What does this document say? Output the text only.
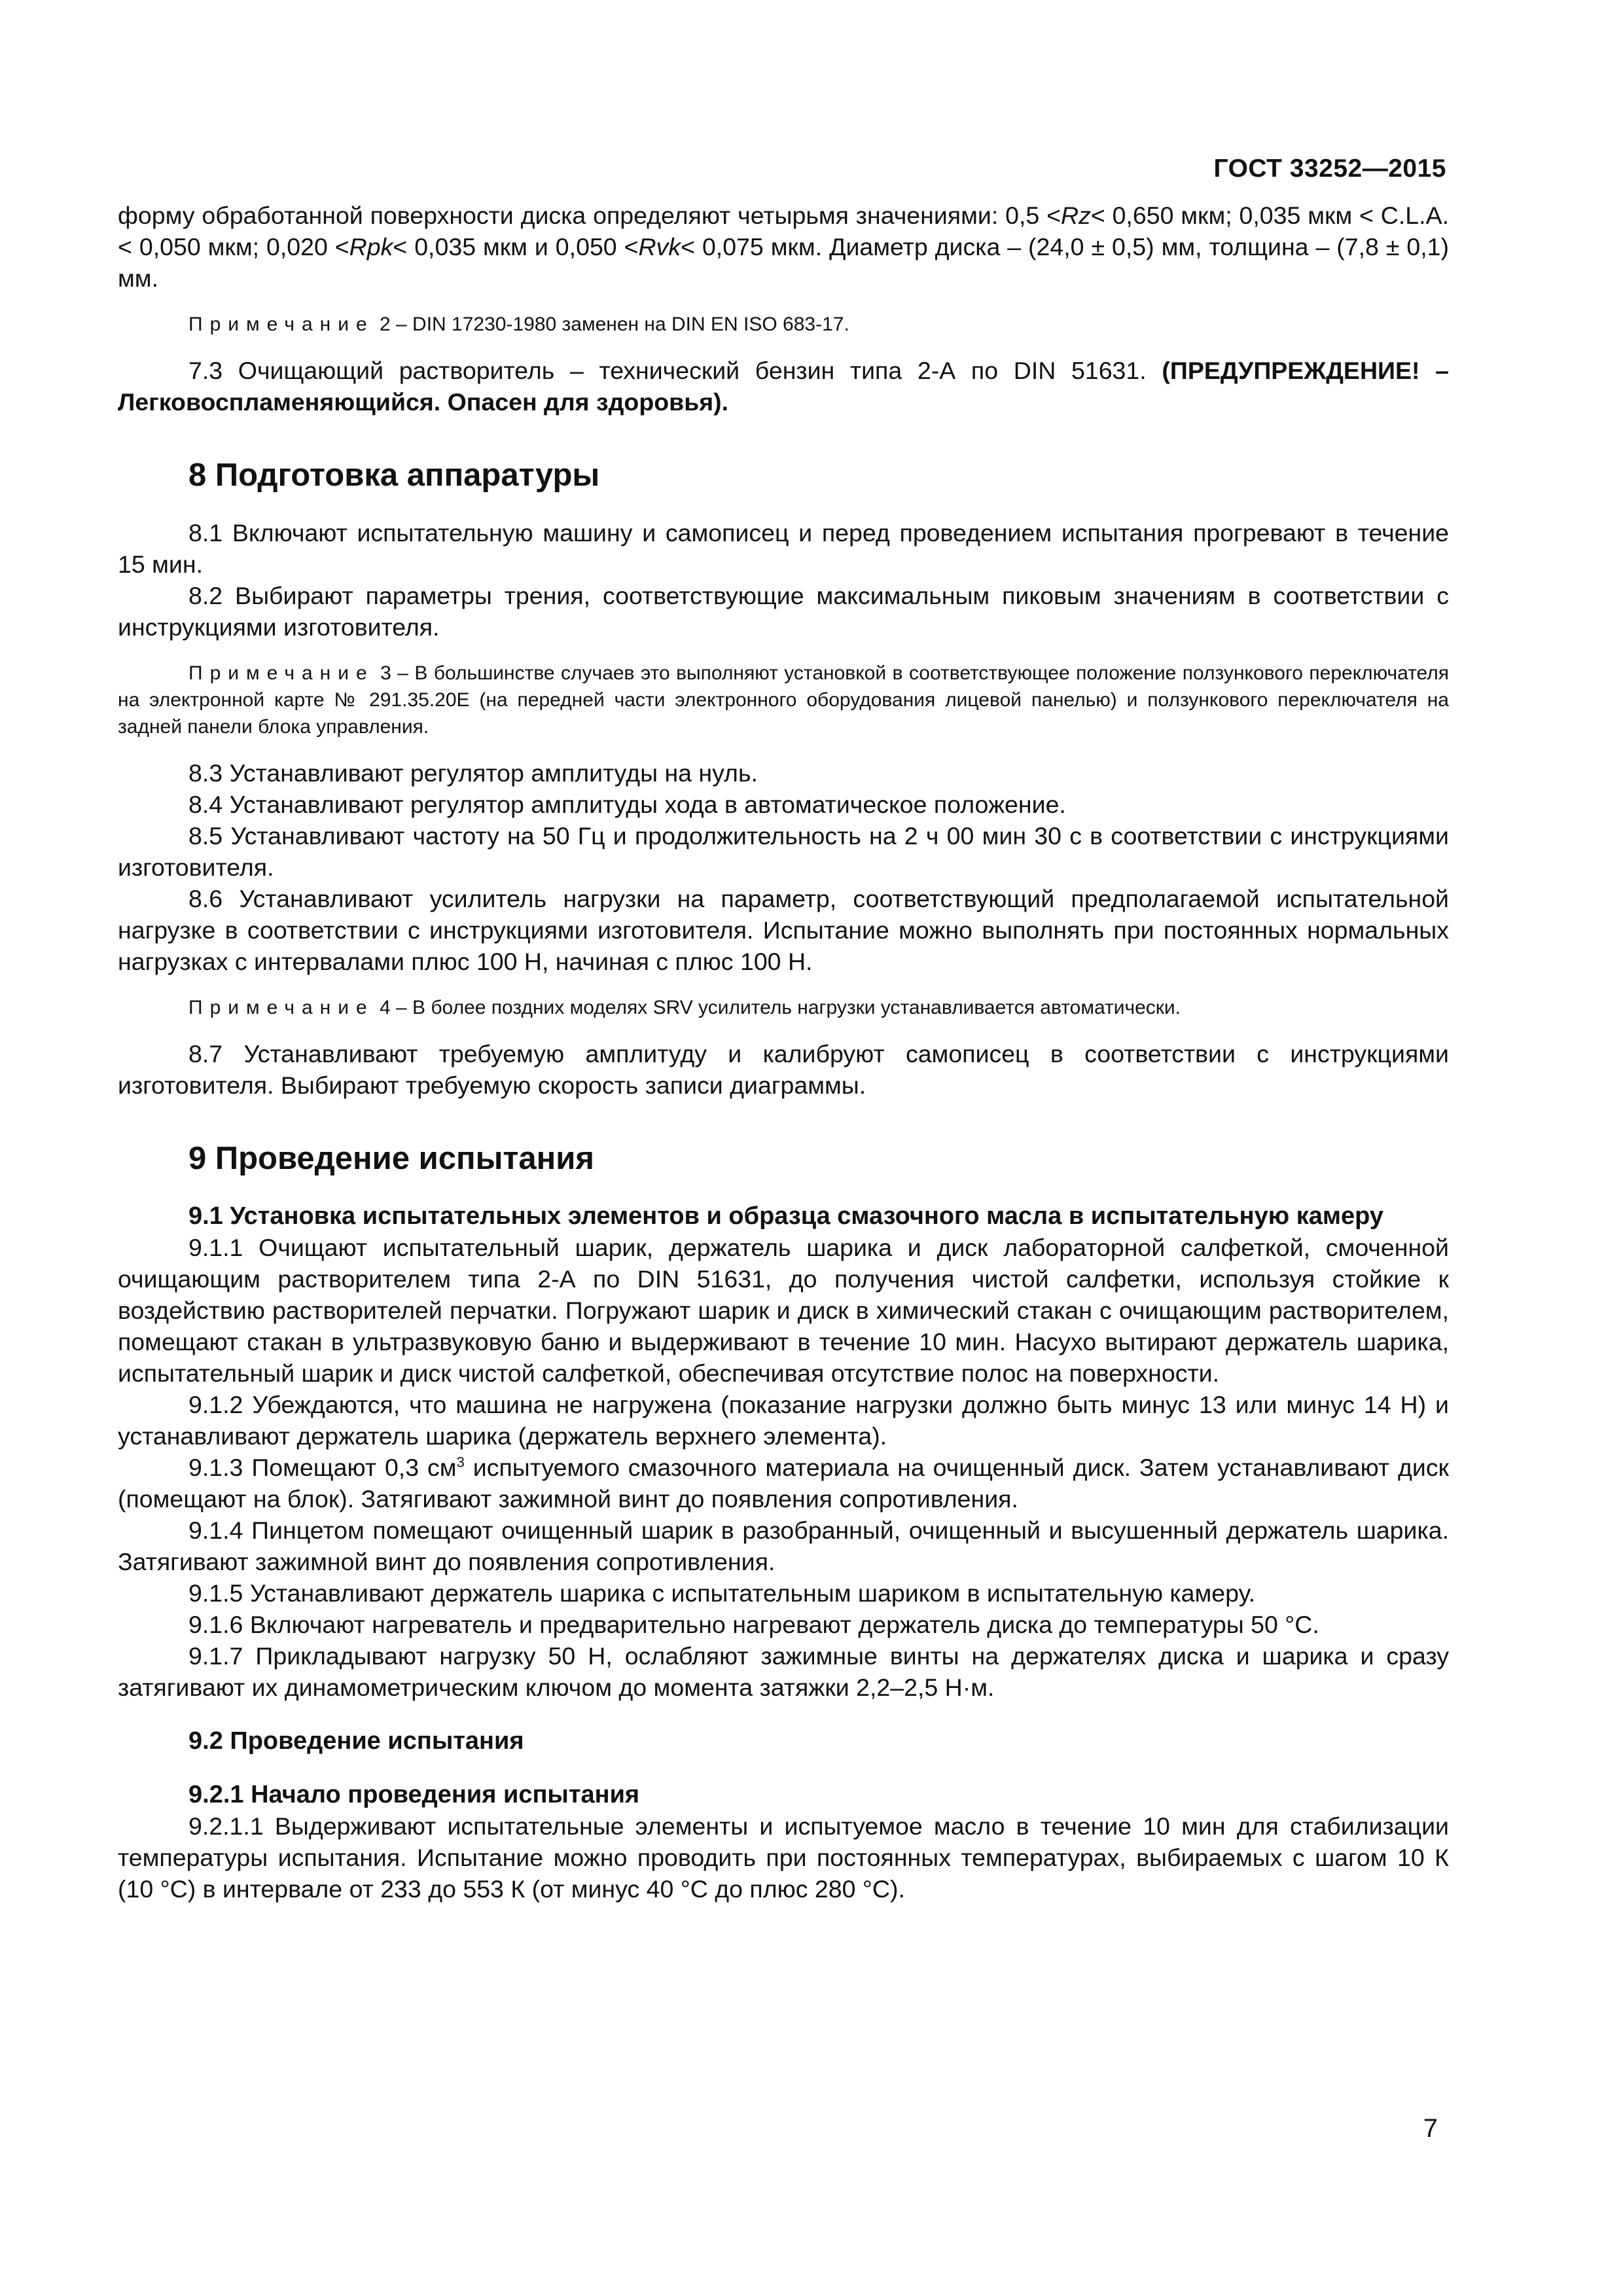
ГОСТ 33252—2015

форму обработанной поверхности диска определяют четырьмя значениями: 0,5 <Rz< 0,650 мкм; 0,035 мкм < C.L.A. < 0,050 мкм; 0,020 <Rpk< 0,035 мкм и 0,050 <Rvk< 0,075 мкм. Диаметр диска – (24,0 ± 0,5) мм, толщина – (7,8 ± 0,1) мм.

Примечание 2 – DIN 17230-1980 заменен на DIN EN ISO 683-17.

7.3 Очищающий растворитель – технический бензин типа 2-А по DIN 51631. (ПРЕДУПРЕЖДЕНИЕ! – Легковоспламеняющийся. Опасен для здоровья).

8 Подготовка аппаратуры

8.1 Включают испытательную машину и самописец и перед проведением испытания прогревают в течение 15 мин.

8.2 Выбирают параметры трения, соответствующие максимальным пиковым значениям в соответствии с инструкциями изготовителя.

Примечание 3 – В большинстве случаев это выполняют установкой в соответствующее положение ползункового переключателя на электронной карте № 291.35.20E (на передней части электронного оборудования лицевой панелью) и ползункового переключателя на задней панели блока управления.

8.3 Устанавливают регулятор амплитуды на нуль.

8.4 Устанавливают регулятор амплитуды хода в автоматическое положение.

8.5 Устанавливают частоту на 50 Гц и продолжительность на 2 ч 00 мин 30 с в соответствии с инструкциями изготовителя.

8.6 Устанавливают усилитель нагрузки на параметр, соответствующий предполагаемой испытательной нагрузке в соответствии с инструкциями изготовителя. Испытание можно выполнять при постоянных нормальных нагрузках с интервалами плюс 100 Н, начиная с плюс 100 Н.

Примечание 4 – В более поздних моделях SRV усилитель нагрузки устанавливается автоматически.

8.7 Устанавливают требуемую амплитуду и калибруют самописец в соответствии с инструкциями изготовителя. Выбирают требуемую скорость записи диаграммы.

9 Проведение испытания
9.1 Установка испытательных элементов и образца смазочного масла в испытательную камеру

9.1.1 Очищают испытательный шарик, держатель шарика и диск лабораторной салфеткой, смоченной очищающим растворителем типа 2-А по DIN 51631, до получения чистой салфетки, используя стойкие к воздействию растворителей перчатки. Погружают шарик и диск в химический стакан с очищающим растворителем, помещают стакан в ультразвуковую баню и выдерживают в течение 10 мин. Насухо вытирают держатель шарика, испытательный шарик и диск чистой салфеткой, обеспечивая отсутствие полос на поверхности.

9.1.2 Убеждаются, что машина не нагружена (показание нагрузки должно быть минус 13 или минус 14 Н) и устанавливают держатель шарика (держатель верхнего элемента).

9.1.3 Помещают 0,3 $см^3$ испытуемого смазочного материала на очищенный диск. Затем устанавливают диск (помещают на блок). Затягивают зажимной винт до появления сопротивления.

9.1.4 Пинцетом помещают очищенный шарик в разобранный, очищенный и высушенный держатель шарика. Затягивают зажимной винт до появления сопротивления.

9.1.5 Устанавливают держатель шарика с испытательным шариком в испытательную камеру.

9.1.6 Включают нагреватель и предварительно нагревают держатель диска до температуры 50 °С.

9.1.7 Прикладывают нагрузку 50 Н, ослабляют зажимные винты на держателях диска и шарика и сразу затягивают их динамометрическим ключом до момента затяжки 2,2–2,5 Н·м.

9.2 Проведение испытания
9.2.1 Начало проведения испытания

9.2.1.1 Выдерживают испытательные элементы и испытуемое масло в течение 10 мин для стабилизации температуры испытания. Испытание можно проводить при постоянных температурах, выбираемых с шагом 10 К (10 °С) в интервале от 233 до 553 К (от минус 40 °С до плюс 280 °С).

7
